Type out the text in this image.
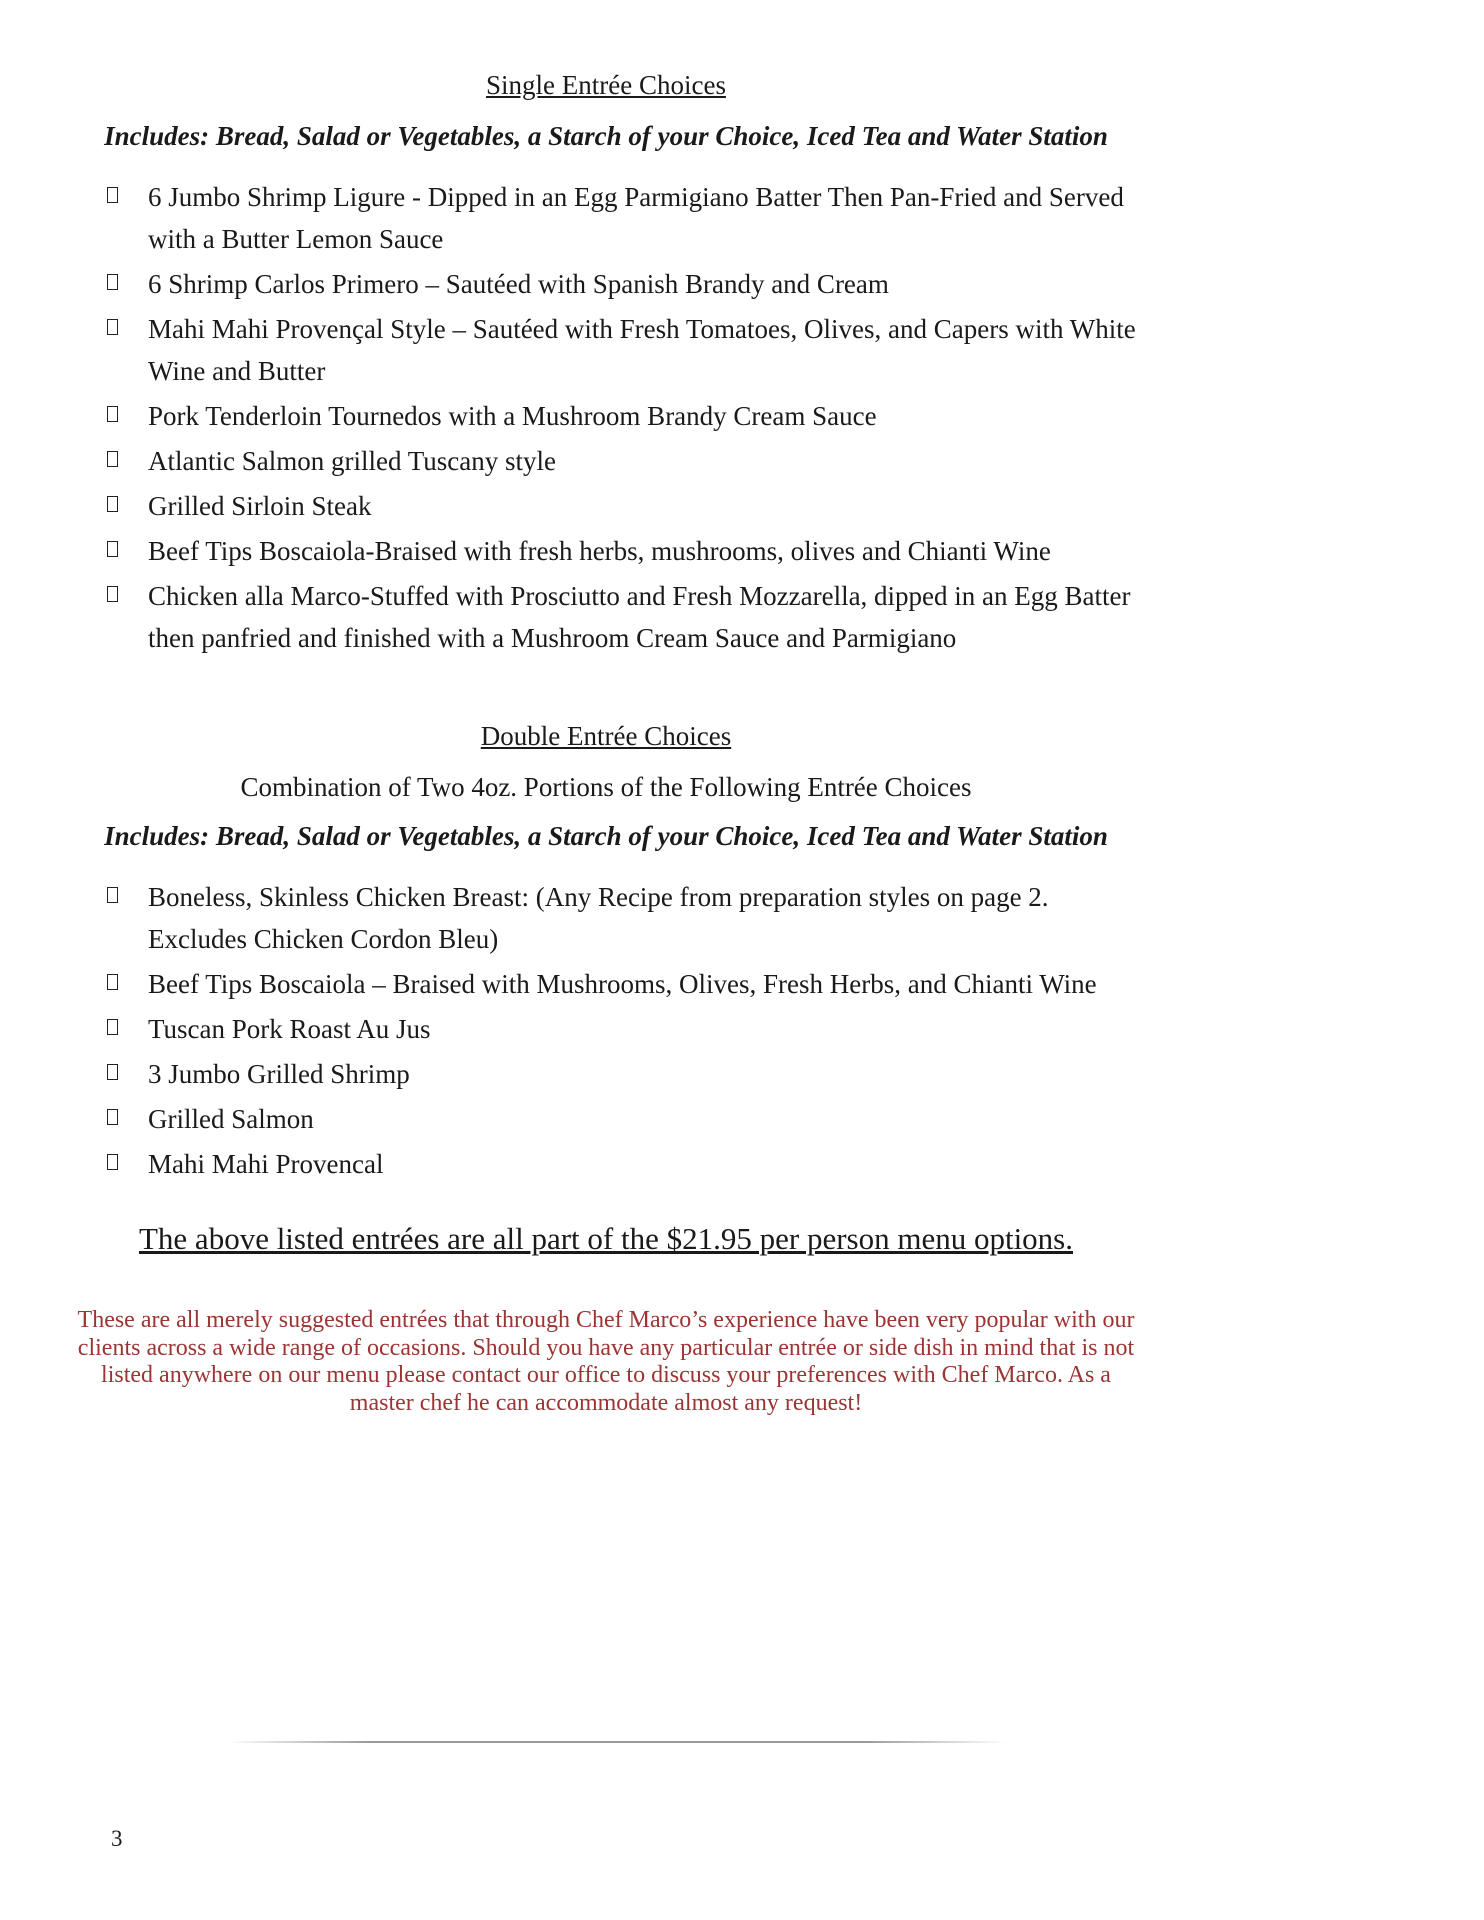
Single Entrée Choices

Includes: Bread, Salad or Vegetables, a Starch of your Choice, Iced Tea and Water Station

6 Jumbo Shrimp Ligure - Dipped in an Egg Parmigiano Batter Then Pan-Fried and Served with a Butter Lemon Sauce
6 Shrimp Carlos Primero – Sautéed with Spanish Brandy and Cream
Mahi Mahi Provençal Style – Sautéed with Fresh Tomatoes, Olives, and Capers with White Wine and Butter
Pork Tenderloin Tournedos with a Mushroom Brandy Cream Sauce
Atlantic Salmon grilled Tuscany style
Grilled Sirloin Steak
Beef Tips Boscaiola-Braised with fresh herbs, mushrooms, olives and Chianti Wine
Chicken alla Marco-Stuffed with Prosciutto and Fresh Mozzarella, dipped in an Egg Batter then panfried and finished with a Mushroom Cream Sauce and Parmigiano
Double Entrée Choices

Combination of Two 4oz. Portions of the Following Entrée Choices

Includes: Bread, Salad or Vegetables, a Starch of your Choice, Iced Tea and Water Station

Boneless, Skinless Chicken Breast: (Any Recipe from preparation styles on page 2. Excludes Chicken Cordon Bleu)
Beef Tips Boscaiola – Braised with Mushrooms, Olives, Fresh Herbs, and Chianti Wine
Tuscan Pork Roast Au Jus
3 Jumbo Grilled Shrimp
Grilled Salmon
Mahi Mahi Provencal

The above listed entrées are all part of the $21.95 per person menu options.

These are all merely suggested entrées that through Chef Marco’s experience have been very popular with our clients across a wide range of occasions. Should you have any particular entrée or side dish in mind that is not listed anywhere on our menu please contact our office to discuss your preferences with Chef Marco. As a master chef he can accommodate almost any request!

3
